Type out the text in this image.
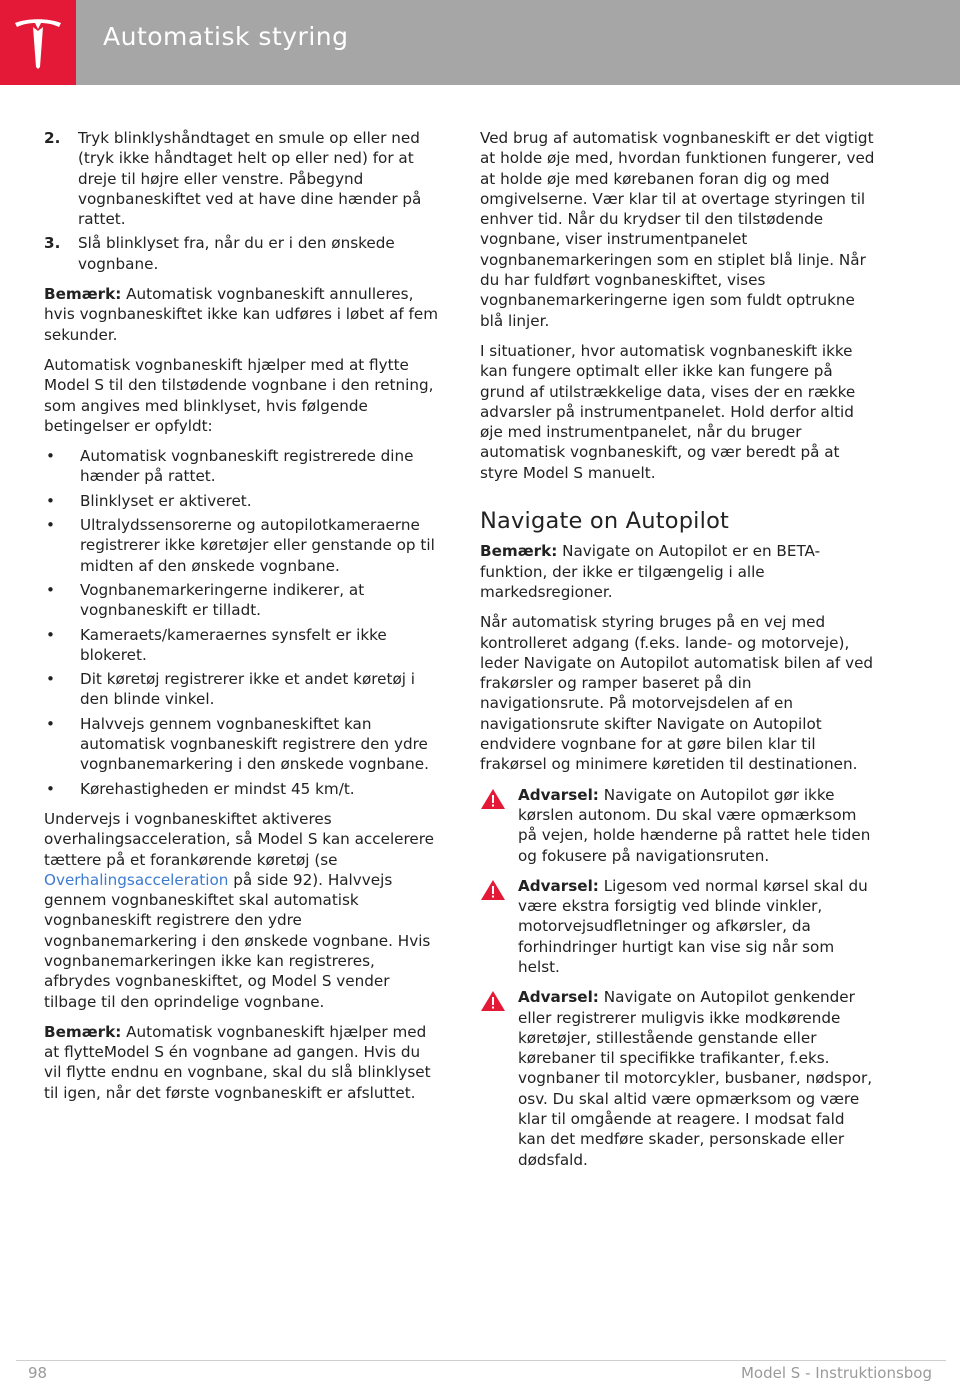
Automatisk styring
2.	Tryk blinklyshåndtaget en smule op eller ned (tryk ikke håndtaget helt op eller ned) for at dreje til højre eller venstre. Påbegynd vognbaneskiftet ved at have dine hænder på rattet.
3.	Slå blinklyset fra, når du er i den ønskede vognbane.

Bemærk: Automatisk vognbaneskift annulleres, hvis vognbaneskiftet ikke kan udføres i løbet af fem sekunder.

Automatisk vognbaneskift hjælper med at flytte Model S til den tilstødende vognbane i den retning, som angives med blinklyset, hvis følgende betingelser er opfyldt:

•	Automatisk vognbaneskift registrerede dine hænder på rattet.
•	Blinklyset er aktiveret.
•	Ultralydssensorerne og autopilotkameraerne registrerer ikke køretøjer eller genstande op til midten af den ønskede vognbane.
•	Vognbanemarkeringerne indikerer, at vognbaneskift er tilladt.
•	Kameraets/kameraernes synsfelt er ikke blokeret.
•	Dit køretøj registrerer ikke et andet køretøj i den blinde vinkel.
•	Halvvejs gennem vognbaneskiftet kan automatisk vognbaneskift registrere den ydre vognbanemarkering i den ønskede vognbane.
•	Kørehastigheden er mindst 45 km/t.

Undervejs i vognbaneskiftet aktiveres overhalingsacceleration, så Model S kan accelerere tættere på et forankørende køretøj (se Overhalingsacceleration på side 92). Halvvejs gennem vognbaneskiftet skal automatisk vognbaneskift registrere den ydre vognbanemarkering i den ønskede vognbane. Hvis vognbanemarkeringen ikke kan registreres, afbrydes vognbaneskiftet, og Model S vender tilbage til den oprindelige vognbane.

Bemærk: Automatisk vognbaneskift hjælper med at flytteModel S én vognbane ad gangen. Hvis du vil flytte endnu en vognbane, skal du slå blinklyset til igen, når det første vognbaneskift er afsluttet.

Ved brug af automatisk vognbaneskift er det vigtigt at holde øje med, hvordan funktionen fungerer, ved at holde øje med kørebanen foran dig og med omgivelserne. Vær klar til at overtage styringen til enhver tid. Når du krydser til den tilstødende vognbane, viser instrumentpanelet vognbanemarkeringen som en stiplet blå linje. Når du har fuldført vognbaneskiftet, vises vognbanemarkeringerne igen som fuldt optrukne blå linjer.

I situationer, hvor automatisk vognbaneskift ikke kan fungere optimalt eller ikke kan fungere på grund af utilstrækkelige data, vises der en række advarsler på instrumentpanelet. Hold derfor altid øje med instrumentpanelet, når du bruger automatisk vognbaneskift, og vær beredt på at styre Model S manuelt.

Navigate on Autopilot

Bemærk: Navigate on Autopilot er en BETA-funktion, der ikke er tilgængelig i alle markedsregioner.

Når automatisk styring bruges på en vej med kontrolleret adgang (f.eks. lande- og motorveje), leder Navigate on Autopilot automatisk bilen af ved frakørsler og ramper baseret på din navigationsrute. På motorvejsdelen af en navigationsrute skifter Navigate on Autopilot endvidere vognbane for at gøre bilen klar til frakørsel og minimere køretiden til destinationen.

Advarsel: Navigate on Autopilot gør ikke kørslen autonom. Du skal være opmærksom på vejen, holde hænderne på rattet hele tiden og fokusere på navigationsruten.
Advarsel: Ligesom ved normal kørsel skal du være ekstra forsigtig ved blinde vinkler, motorvejsudfletninger og afkørsler, da forhindringer hurtigt kan vise sig når som helst.
Advarsel: Navigate on Autopilot genkender eller registrerer muligvis ikke modkørende køretøjer, stillestående genstande eller kørebaner til specifikke trafikanter, f.eks. vognbaner til motorcykler, busbaner, nødspor, osv. Du skal altid være opmærksom og være klar til omgående at reagere. I modsat fald kan det medføre skader, personskade eller dødsfald.
98	Model S - Instruktionsbog
